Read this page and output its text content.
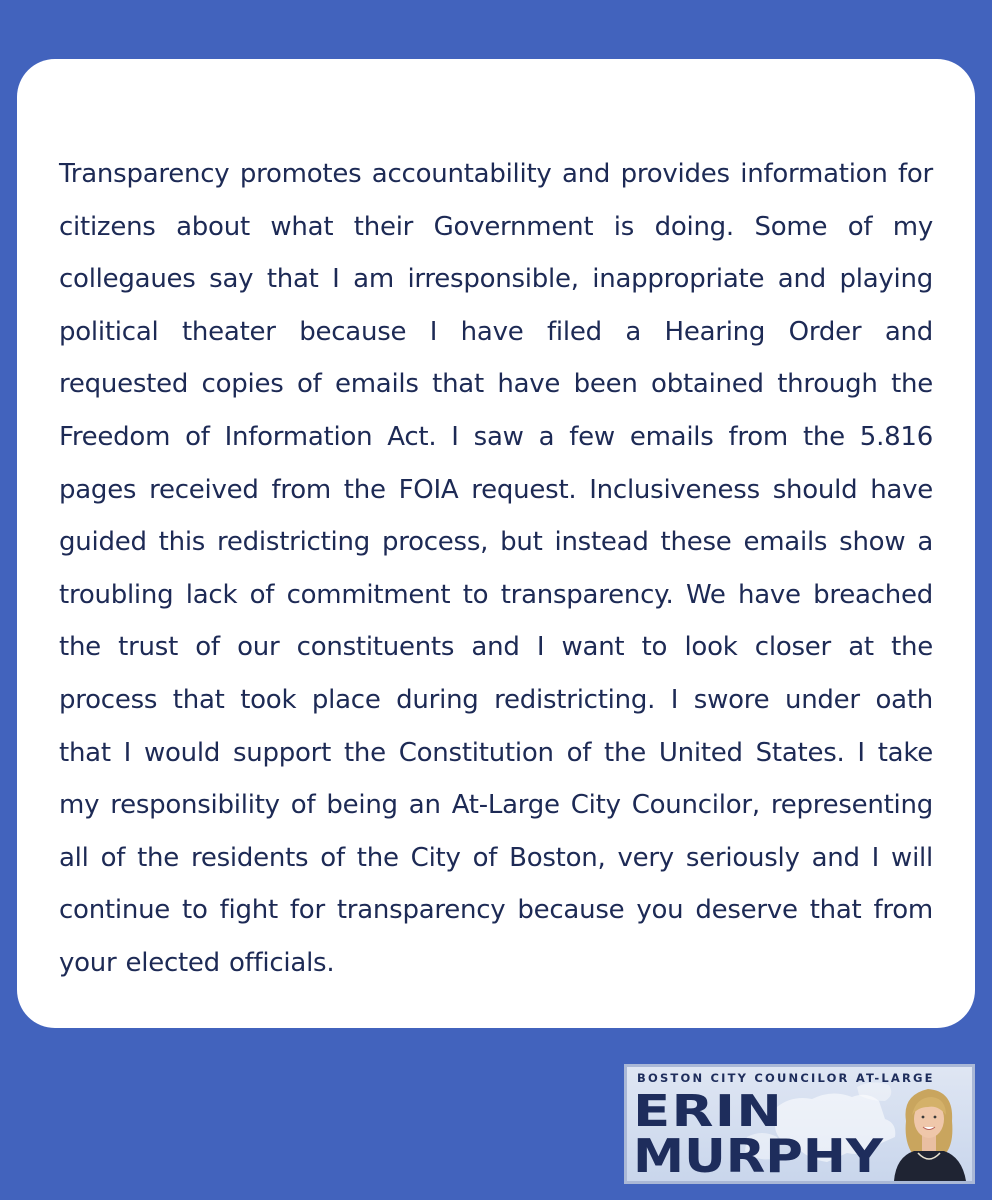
Transparency promotes accountability and provides information for citizens about what their Government is doing. Some of my collegaues say that I am irresponsible, inappropriate and playing political theater because I have filed a Hearing Order and requested copies of emails that have been obtained through the Freedom of Information Act. I saw a few emails from the 5.816 pages received from the FOIA request. Inclusiveness should have guided this redistricting process, but instead these emails show a troubling lack of commitment to transparency. We have breached the trust of our constituents and I want to look closer at the process that took place during redistricting. I swore under oath that I would support the Constitution of the United States. I take my responsibility of being an At-Large City Councilor, representing all of the residents of the City of Boston, very seriously and I will continue to fight for transparency because you deserve that from your elected officials.

BOSTON CITY COUNCILOR AT-LARGE
ERIN
MURPHY
